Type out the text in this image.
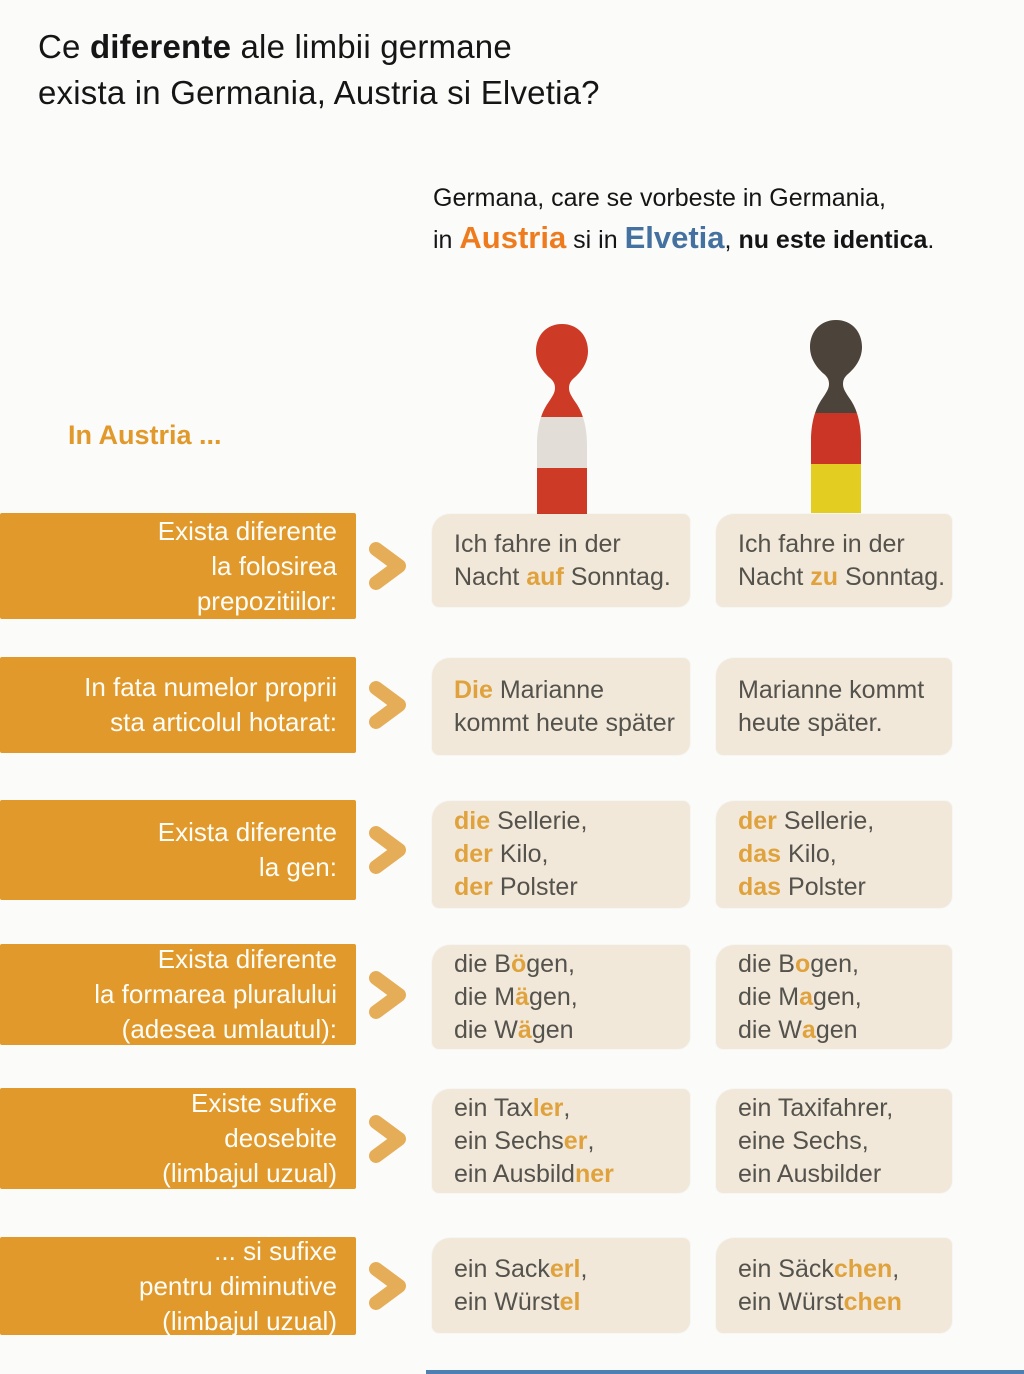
Ce diferente ale limbii germane
exista in Germania, Austria si Elvetia?
Germana, care se vorbeste in Germania,
in Austria si in Elvetia, nu este identica.
In Austria ...
Exista diferente
la folosirea
prepozitiilor:
Ich fahre in der
Nacht auf Sonntag.
Ich fahre in der
Nacht zu Sonntag.
In fata numelor proprii
sta articolul hotarat:
Die Marianne
kommt heute später
Marianne kommt
heute später.
Exista diferente
la gen:
die Sellerie,
der Kilo,
der Polster
der Sellerie,
das Kilo,
das Polster
Exista diferente
la formarea pluralului
(adesea umlautul):
die Bögen,
die Mägen,
die Wägen
die Bogen,
die Magen,
die Wagen
Existe sufixe
deosebite
(limbajul uzual)
ein Taxler,
ein Sechser,
ein Ausbildner
ein Taxifahrer,
eine Sechs,
ein Ausbilder
... si sufixe
pentru diminutive
(limbajul uzual)
ein Sackerl,
ein Würstel
ein Säckchen,
ein Würstchen
